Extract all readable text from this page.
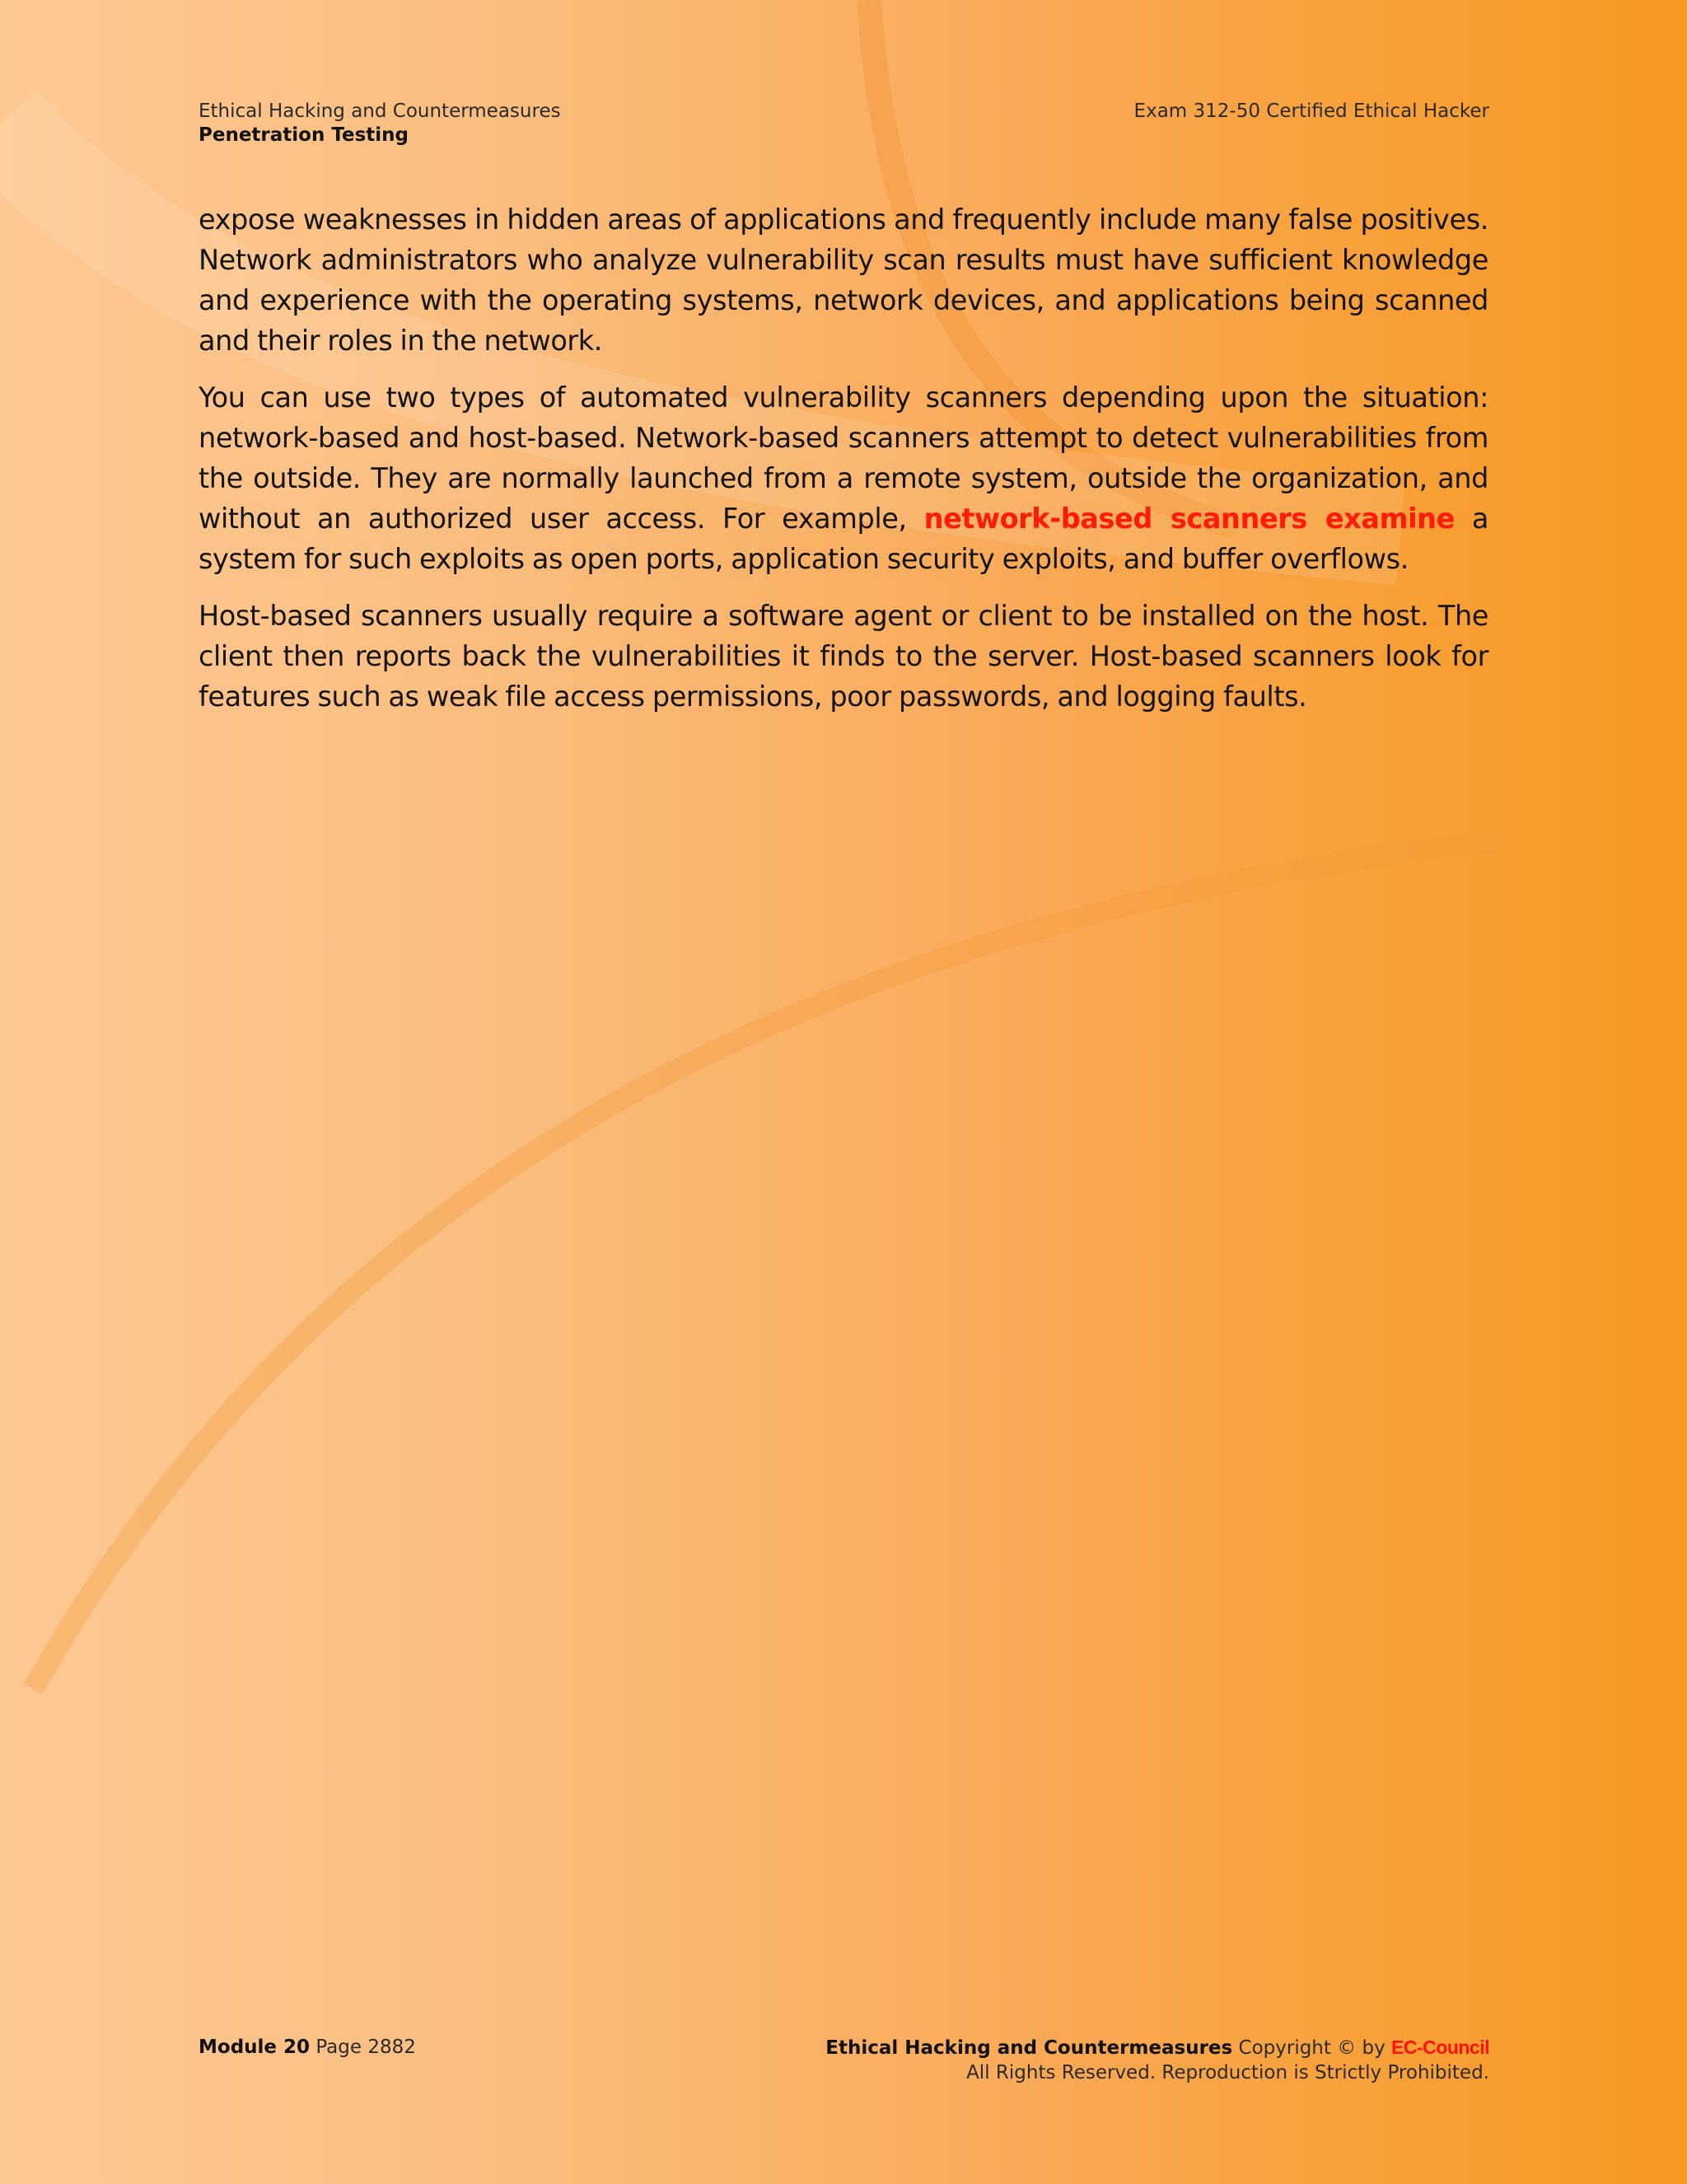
Ethical Hacking and Countermeasures
Penetration Testing
Exam 312-50 Certified Ethical Hacker

expose weaknesses in hidden areas of applications and frequently include many false positives. Network administrators who analyze vulnerability scan results must have sufficient knowledge and experience with the operating systems, network devices, and applications being scanned and their roles in the network.

You can use two types of automated vulnerability scanners depending upon the situation: network-based and host-based. Network-based scanners attempt to detect vulnerabilities from the outside. They are normally launched from a remote system, outside the organization, and without an authorized user access. For example, network-based scanners examine a system for such exploits as open ports, application security exploits, and buffer overflows.

Host-based scanners usually require a software agent or client to be installed on the host. The client then reports back the vulnerabilities it finds to the server. Host-based scanners look for features such as weak file access permissions, poor passwords, and logging faults.

Module 20 Page 2882	Ethical Hacking and Countermeasures Copyright © by EC-Council
All Rights Reserved. Reproduction is Strictly Prohibited.
